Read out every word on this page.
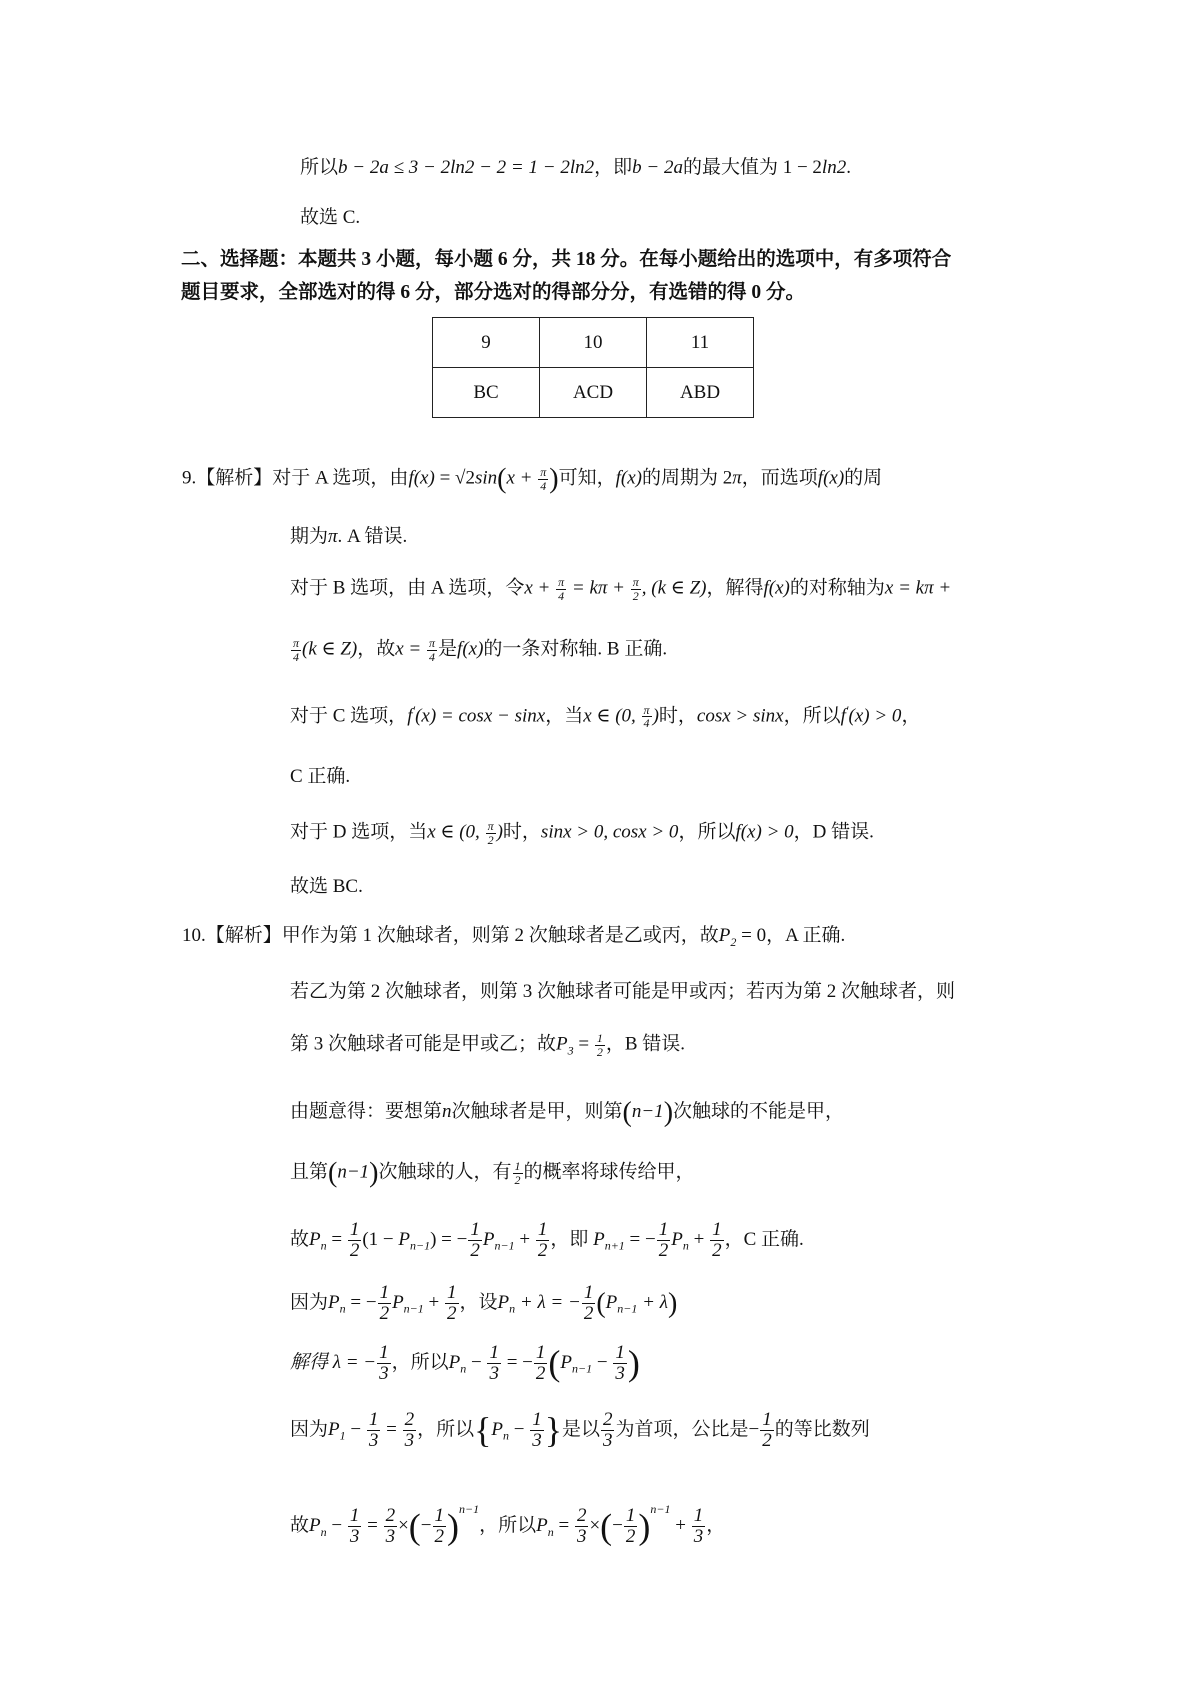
所以b − 2a ≤ 3 − 2ln2 − 2 = 1 − 2ln2，即b − 2a的最大值为 1 − 2ln2.
故选 C.
二、选择题：本题共 3 小题，每小题 6 分，共 18 分。在每小题给出的选项中，有多项符合
题目要求，全部选对的得 6 分，部分选对的得部分分，有选错的得 0 分。
9	10	11
BC	ACD	ABD
9.【解析】对于 A 选项，由$f(x) = √2\sin(x + \frac{\pi}{4}$ )可知，f(x)的周期为 2π，而选项f(x)的周
期为π. A 错误.
对于 B 选项，由 A 选项，令$x + \frac{\pi}{4} = k\pi + \frac{\pi}{2}$ , (k ∈ Z)，解得f(x)的对称轴为x = kπ +
$\frac{\pi}{4} (k$ ∈ Z)，故$x = \frac{\pi}{4}$ 是f(x)的一条对称轴. B 正确.
对于 C 选项，f′(x) = cosx − sinx，当x ∈ (0, $\frac{\pi}{4}$ )时，cosx > sinx，所以f′(x) > 0，
C 正确.
对于 D 选项，当x ∈ (0, $\frac{\pi}{2}$ )时，sinx > 0, cosx > 0，所以f(x) > 0，D 错误.
故选 BC.
10.【解析】甲作为第 1 次触球者，则第 2 次触球者是乙或丙，故$P_2 = 0$，A 正确.
若乙为第 2 次触球者，则第 3 次触球者可能是甲或丙；若丙为第 2 次触球者，则
第 3 次触球者可能是甲或乙；故$P_3 = \frac{1}{2}$ ，B 错误.
由题意得：要想第n次触球者是甲，则第(n−1)次触球的不能是甲，
且第(n−1)次触球的人，有 $\frac{1}{2}$ 的概率将球传给甲，
故$P_n = \frac{1}{2} (1 - P_{n-1})$ = − $\frac{1}{2} P_{n-1} + \frac{1}{2}$ ，即 $P_{n+1}$ = − $\frac{1}{2} P_n + \frac{1}{2}$ ，C 正确.
因为$P_n$ = − $\frac{1}{2} P_{n-1} + \frac{1}{2}$ ，设$P_n + \lambda$ = − $\frac{1}{2} (P_{n-1} + \lambda)$
解得 λ = − $\frac{1}{3}$ ，所以$P_n - \frac{1}{3}$ = − $\frac{1}{2} (P_{n-1} - \frac{1}{3}$ )
因为$P_1 - \frac{1}{3} = \frac{2}{3}$ ，所以{$P_n - \frac{1}{3}$ }是以 $\frac{2}{3}$ 为首项，公比是− $\frac{1}{2}$ 的等比数列
故$P_n - \frac{1}{3} = \frac{2}{3}$ ×(− $\frac{1}{2} )^{n-1}$，所以$P_n = \frac{2}{3}$ ×(− $\frac{1}{2} )^{n-1} + \frac{1}{3}$ ，
